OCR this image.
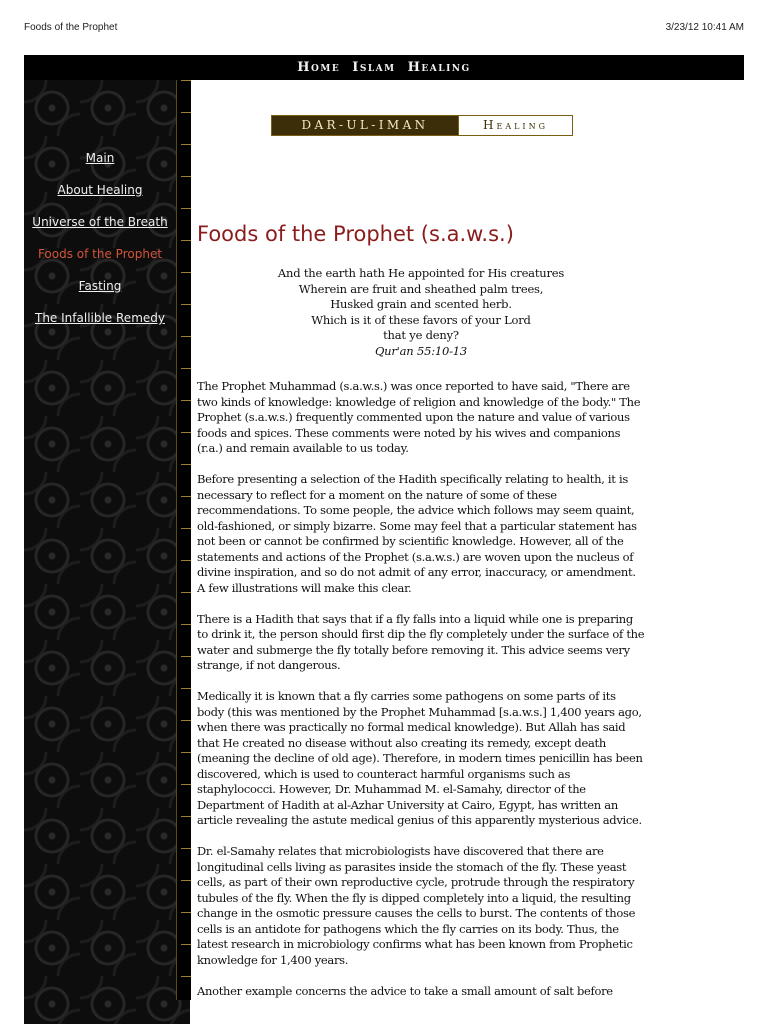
Foods of the Prophet	3/23/12 10:41 AM
Home Islam Healing
Main
About Healing
Universe of the Breath
Foods of the Prophet
Fasting
The Infallible Remedy
DAR-UL-IMAN	Healing
Foods of the Prophet (s.a.w.s.)
And the earth hath He appointed for His creatures
Wherein are fruit and sheathed palm trees,
Husked grain and scented herb.
Which is it of these favors of your Lord
that ye deny?
Qur'an 55:10-13

The Prophet Muhammad (s.a.w.s.) was once reported to have said, "There are two kinds of knowledge: knowledge of religion and knowledge of the body." The Prophet (s.a.w.s.) frequently commented upon the nature and value of various foods and spices. These comments were noted by his wives and companions (r.a.) and remain available to us today.

Before presenting a selection of the Hadith specifically relating to health, it is necessary to reflect for a moment on the nature of some of these recommendations. To some people, the advice which follows may seem quaint, old-fashioned, or simply bizarre. Some may feel that a particular statement has not been or cannot be confirmed by scientific knowledge. However, all of the statements and actions of the Prophet (s.a.w.s.) are woven upon the nucleus of divine inspiration, and so do not admit of any error, inaccuracy, or amendment. A few illustrations will make this clear.

There is a Hadith that says that if a fly falls into a liquid while one is preparing to drink it, the person should first dip the fly completely under the surface of the water and submerge the fly totally before removing it. This advice seems very strange, if not dangerous.

Medically it is known that a fly carries some pathogens on some parts of its body (this was mentioned by the Prophet Muhammad [s.a.w.s.] 1,400 years ago, when there was practically no formal medical knowledge). But Allah has said that He created no disease without also creating its remedy, except death (meaning the decline of old age). Therefore, in modern times penicillin has been discovered, which is used to counteract harmful organisms such as staphylococci. However, Dr. Muhammad M. el-Samahy, director of the Department of Hadith at al-Azhar University at Cairo, Egypt, has written an article revealing the astute medical genius of this apparently mysterious advice.

Dr. el-Samahy relates that microbiologists have discovered that there are longitudinal cells living as parasites inside the stomach of the fly. These yeast cells, as part of their own reproductive cycle, protrude through the respiratory tubules of the fly. When the fly is dipped completely into a liquid, the resulting change in the osmotic pressure causes the cells to burst. The contents of those cells is an antidote for pathogens which the fly carries on its body. Thus, the latest research in microbiology confirms what has been known from Prophetic knowledge for 1,400 years.

Another example concerns the advice to take a small amount of salt before
